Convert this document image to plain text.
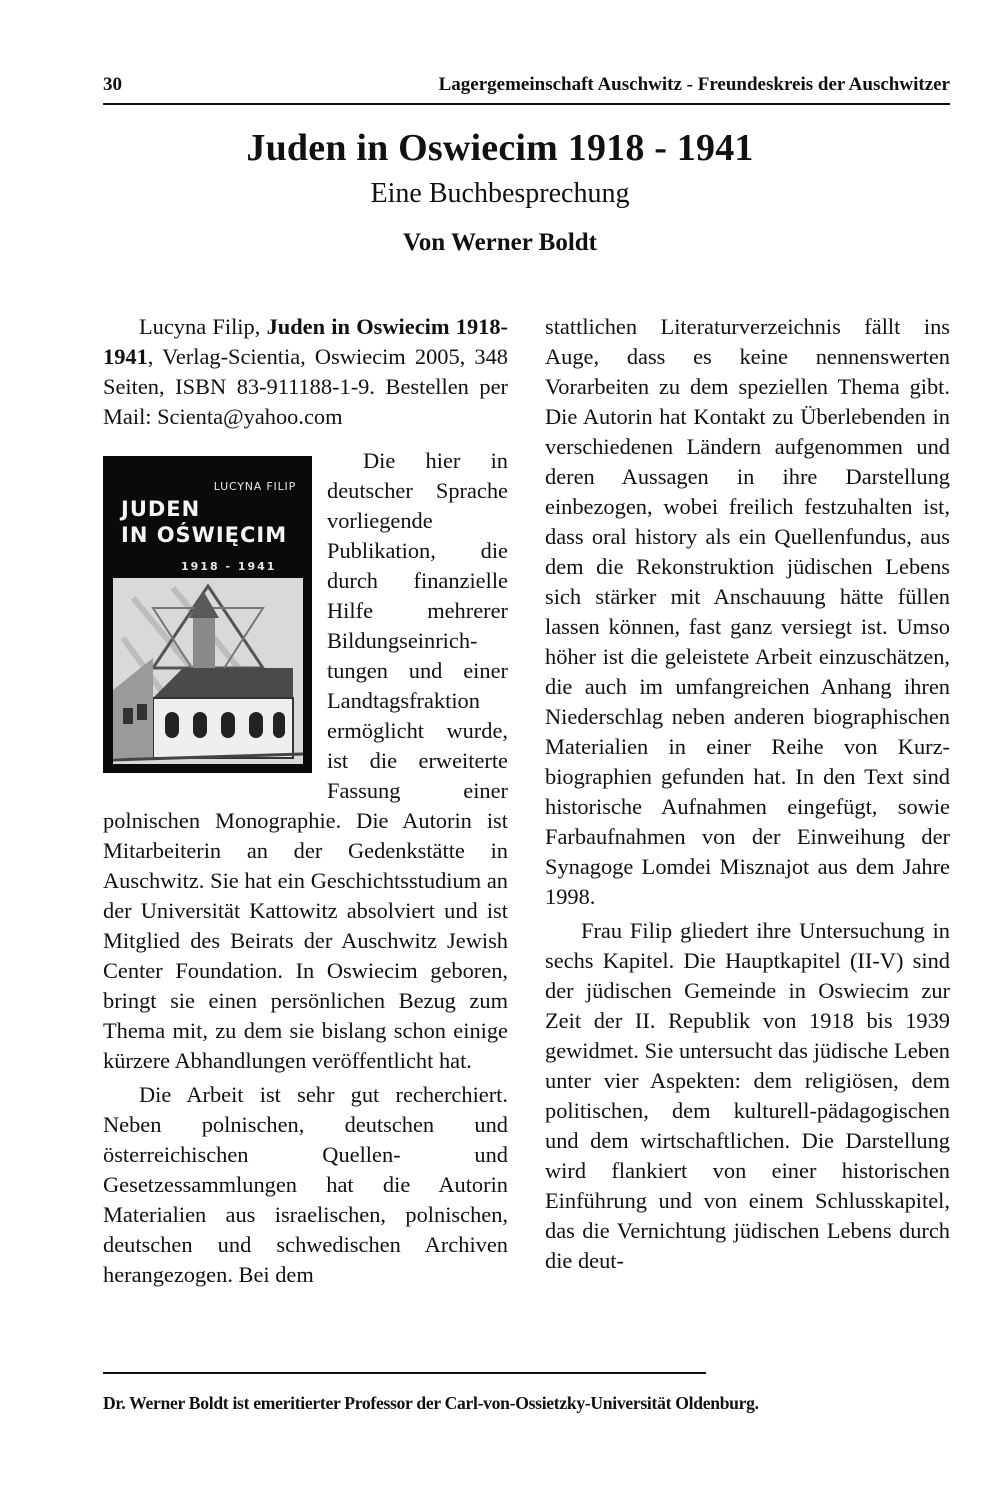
30	Lagergemeinschaft Auschwitz - Freundeskreis der Auschwitzer
Juden in Oswiecim 1918 - 1941
Eine Buchbesprechung
Von Werner Boldt

Lucyna Filip, Juden in Oswiecim 1918-1941, Verlag-Scientia, Oswiecim 2005, 348 Seiten, ISBN 83-911188-1-9. Bestellen per Mail: Scienta@yahoo.com

LUCYNA FILIP
JUDEN
IN OŚWIĘCIM
1918 - 1941

Die hier in deutscher Sprache vorliegende Publikation, die durch finanzielle Hilfe mehrerer Bildungseinrichtungen und einer Landtagsfraktion ermöglicht wurde, ist die erweiterte Fassung einer polnischen Monographie. Die Autorin ist Mitarbeiterin an der Gedenkstätte in Auschwitz. Sie hat ein Geschichtsstudium an der Universität Kattowitz absolviert und ist Mitglied des Beirats der Auschwitz Jewish Center Foundation. In Oswiecim geboren, bringt sie einen persönlichen Bezug zum Thema mit, zu dem sie bislang schon einige kürzere Abhandlungen veröffentlicht hat.

Die Arbeit ist sehr gut recherchiert. Neben polnischen, deutschen und österreichischen Quellen- und Gesetzessammlungen hat die Autorin Materialien aus israelischen, polnischen, deutschen und schwedischen Archiven herangezogen. Bei dem

stattlichen Literaturverzeichnis fällt ins Auge, dass es keine nennenswerten Vorarbeiten zu dem speziellen Thema gibt. Die Autorin hat Kontakt zu Überlebenden in verschiedenen Ländern aufgenommen und deren Aussagen in ihre Darstellung einbezogen, wobei freilich festzuhalten ist, dass oral history als ein Quellenfundus, aus dem die Rekonstruktion jüdischen Lebens sich stärker mit Anschauung hätte füllen lassen können, fast ganz versiegt ist. Umso höher ist die geleistete Arbeit einzuschätzen, die auch im umfangreichen Anhang ihren Niederschlag neben anderen biographischen Materialien in einer Reihe von Kurzbiographien gefunden hat. In den Text sind historische Aufnahmen eingefügt, sowie Farbaufnahmen von der Einweihung der Synagoge Lomdei Misznajot aus dem Jahre 1998.

Frau Filip gliedert ihre Untersuchung in sechs Kapitel. Die Hauptkapitel (II-V) sind der jüdischen Gemeinde in Oswiecim zur Zeit der II. Republik von 1918 bis 1939 gewidmet. Sie untersucht das jüdische Leben unter vier Aspekten: dem religiösen, dem politischen, dem kulturell-pädagogischen und dem wirtschaftlichen. Die Darstellung wird flankiert von einer historischen Einführung und von einem Schlusskapitel, das die Vernichtung jüdischen Lebens durch die deut-

Dr. Werner Boldt ist emeritierter Professor der Carl-von-Ossietzky-Universität Oldenburg.
